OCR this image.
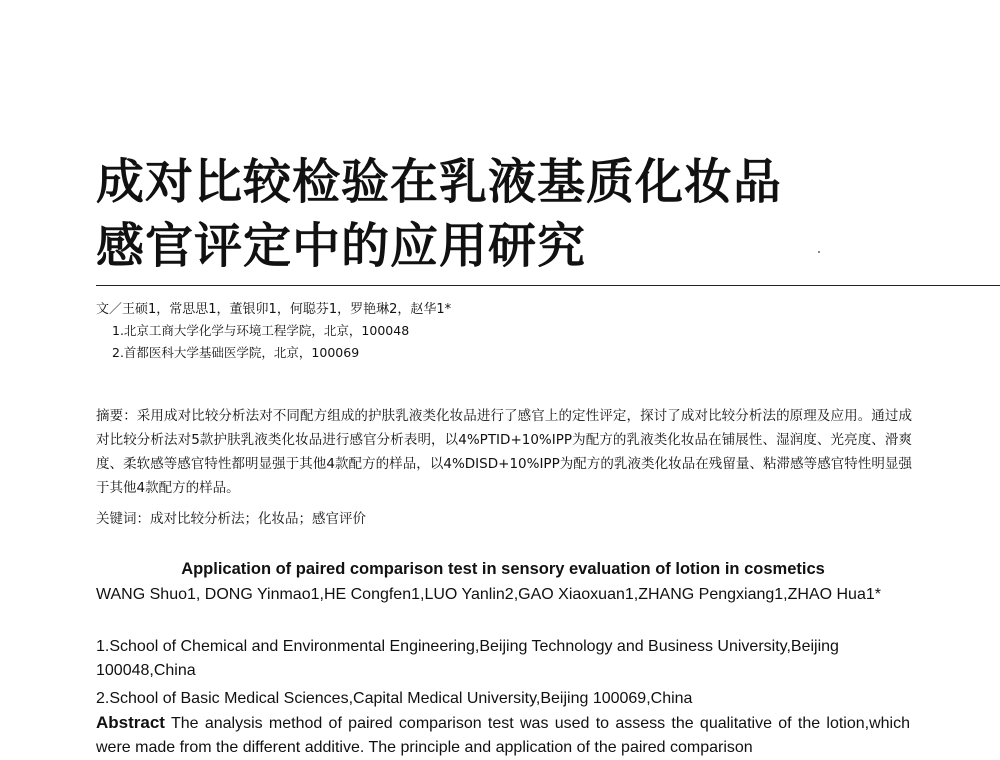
成对比较检验在乳液基质化妆品
感官评定中的应用研究
文／王硕1，常思思1，董银卯1，何聪芬1，罗艳琳2，赵华1*
1.北京工商大学化学与环境工程学院，北京，100048
2.首都医科大学基础医学院，北京，100069

摘要：采用成对比较分析法对不同配方组成的护肤乳液类化妆品进行了感官上的定性评定，探讨了成对比较分析法的原理及应用。通过成对比较分析法对5款护肤乳液类化妆品进行感官分析表明，以4%PTID+10%IPP为配方的乳液类化妆品在铺展性、湿润度、光亮度、滑爽度、柔软感等感官特性都明显强于其他4款配方的样品，以4%DISD+10%IPP为配方的乳液类化妆品在残留量、粘滞感等感官特性明显强于其他4款配方的样品。

关键词：成对比较分析法；化妆品；感官评价
Application of paired comparison test in sensory evaluation of lotion in cosmetics
WANG Shuo1, DONG Yinmao1,HE Congfen1,LUO Yanlin2,GAO Xiaoxuan1,ZHANG Pengxiang1,ZHAO Hua1*
1.School of Chemical and Environmental Engineering,Beijing Technology and Business University,Beijing 100048,China
2.School of Basic Medical Sciences,Capital Medical University,Beijing 100069,China
Abstract The analysis method of paired comparison test was used to assess the qualitative of the lotion,which were made from the different additive. The principle and application of the paired comparison
